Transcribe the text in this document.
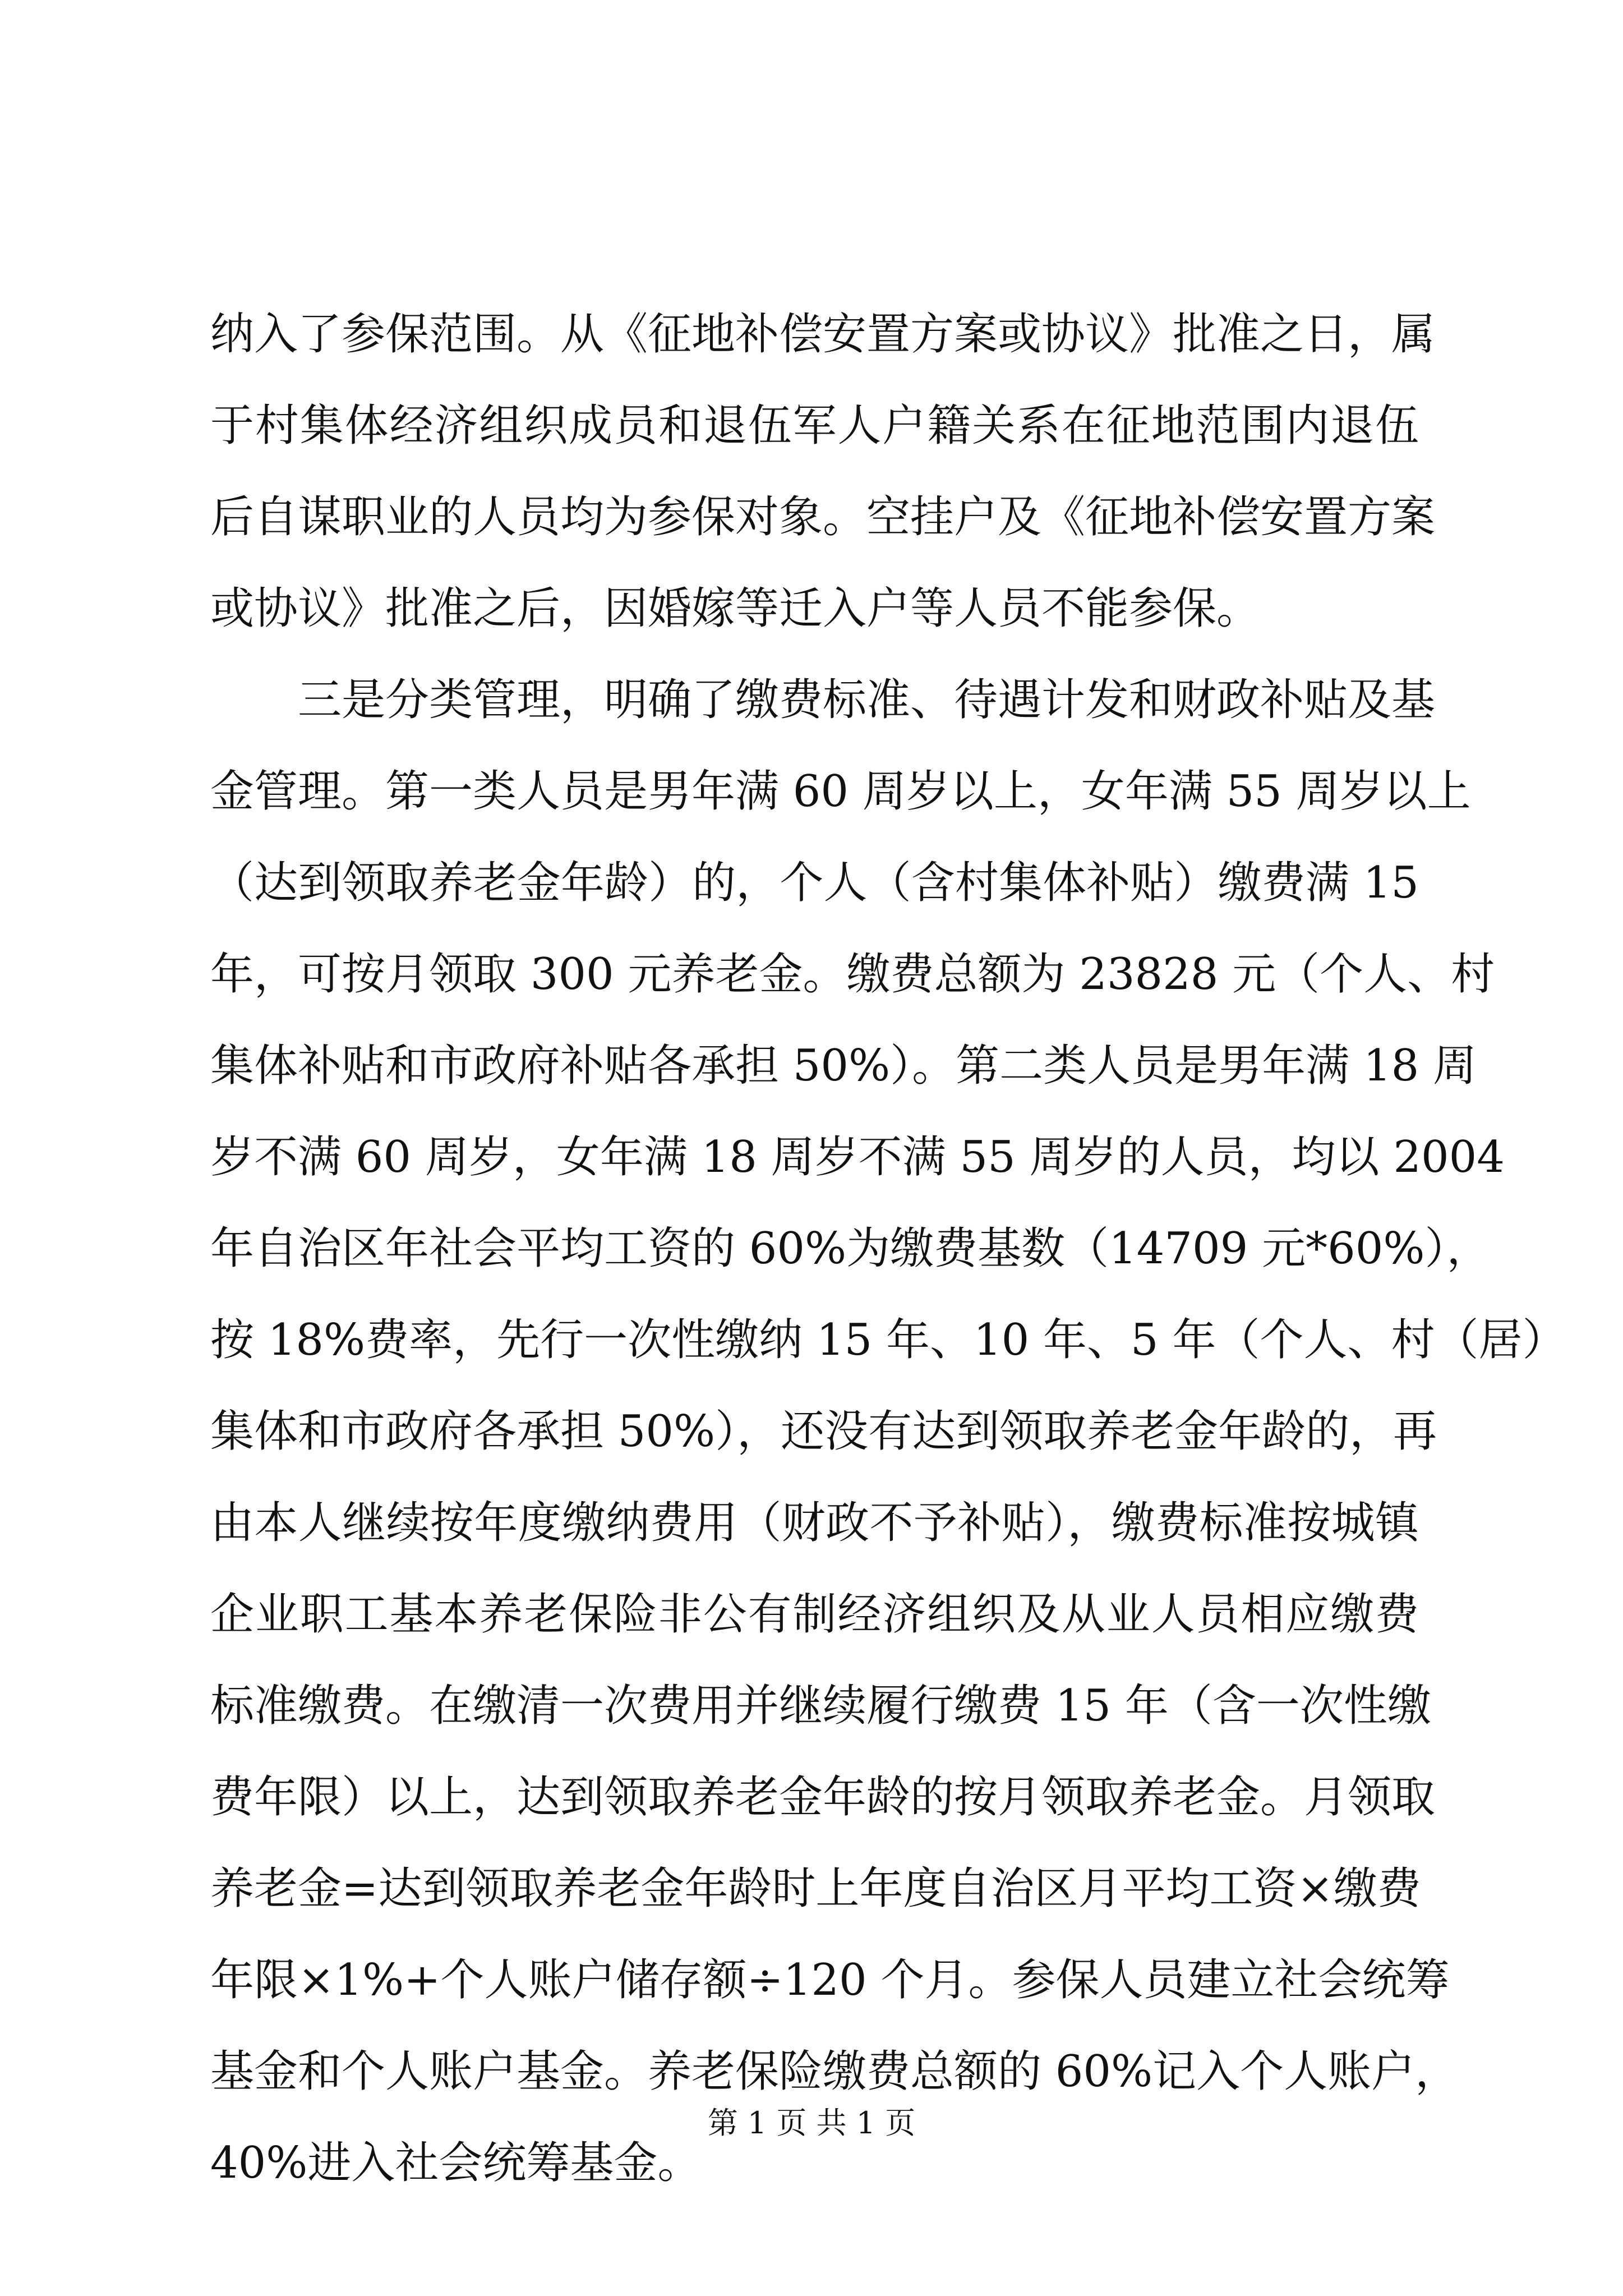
纳入了参保范围。从《征地补偿安置方案或协议》批准之日，属
于村集体经济组织成员和退伍军人户籍关系在征地范围内退伍
后自谋职业的人员均为参保对象。空挂户及《征地补偿安置方案
或协议》批准之后，因婚嫁等迁入户等人员不能参保。
三是分类管理，明确了缴费标准、待遇计发和财政补贴及基
金管理。第一类人员是男年满 60 周岁以上，女年满 55 周岁以上
（达到领取养老金年龄）的，个人（含村集体补贴）缴费满 15
年，可按月领取 300 元养老金。缴费总额为 23828 元（个人、村
集体补贴和市政府补贴各承担 50%）。第二类人员是男年满 18 周
岁不满 60 周岁，女年满 18 周岁不满 55 周岁的人员，均以 2004
年自治区年社会平均工资的 60%为缴费基数（14709 元*60%），
按 18%费率，先行一次性缴纳 15 年、10 年、5 年（个人、村（居）
集体和市政府各承担 50%），还没有达到领取养老金年龄的，再
由本人继续按年度缴纳费用（财政不予补贴），缴费标准按城镇
企业职工基本养老保险非公有制经济组织及从业人员相应缴费
标准缴费。在缴清一次费用并继续履行缴费 15 年（含一次性缴
费年限）以上，达到领取养老金年龄的按月领取养老金。月领取
养老金=达到领取养老金年龄时上年度自治区月平均工资×缴费
年限×1%+个人账户储存额÷120 个月。参保人员建立社会统筹
基金和个人账户基金。养老保险缴费总额的 60%记入个人账户，
40%进入社会统筹基金。
第 1 页 共 1 页
